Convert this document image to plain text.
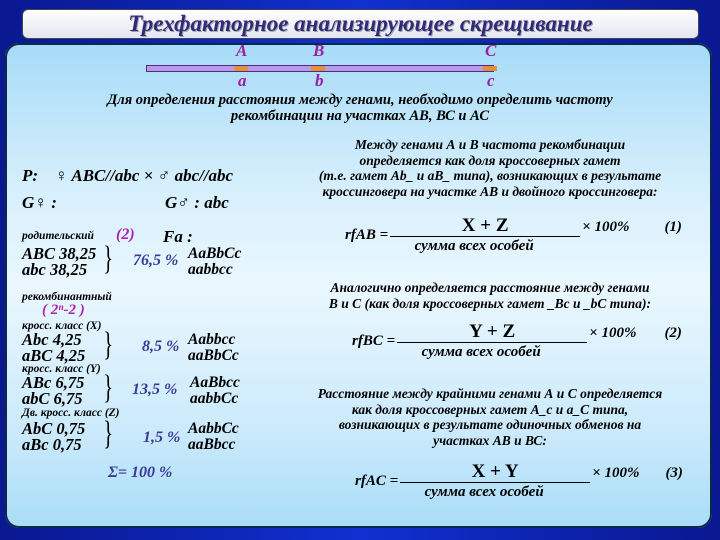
Трехфакторное анализирующее скрещивание
A	B	C
a	b	c
Для определения расстояния между генами, необходимо определить частоту
рекомбинации на участках АВ, ВС и АС
P: ♀ ABC//abc × ♂ abc//abc
G♀ :	G♂ : abc
родительский (2) Fa :
ABC 38,25
abc 38,25 } 76,5 % AaBbCc
aabbcc
рекомбинантный
( 2ⁿ-2 )
кросс. класс (X)
Abc 4,25
aBC 4,25 } 8,5 % Aabbcc
aaBbCc
кросс. класс (Y)
ABc 6,75
abC 6,75 } 13,5 % AaBbcc
aabbCc
Дв. кросс. класс (Z)
AbC 0,75
aBc 0,75 } 1,5 %
AabbCc
aaBbcc
Σ= 100 %
Между генами А и В частота рекомбинации
определяется как доля кроссоверных гамет
(т.е. гамет Ab_ и aB_ типа), возникающих в результате
кроссинговера на участке АВ и двойного кроссинговера:
rfAB = $\frac{X + Z}{\text{сумма всех особей}} \times 100\%$ (1)
Аналогично определяется расстояние между генами
В и С (как доля кроссоверных гамет _Bc и _bC типа):
rfBC = $\frac{Y + Z}{\text{сумма всех особей}} \times 100\%$ (2)
Расстояние между крайними генами А и С определяется
как доля кроссоверных гамет A_c и a_C типа,
возникающих в результате одиночных обменов на
участках АВ и ВС:
rfAC = $\frac{X + Y}{\text{сумма всех особей}} \times 100\%$ (3)
